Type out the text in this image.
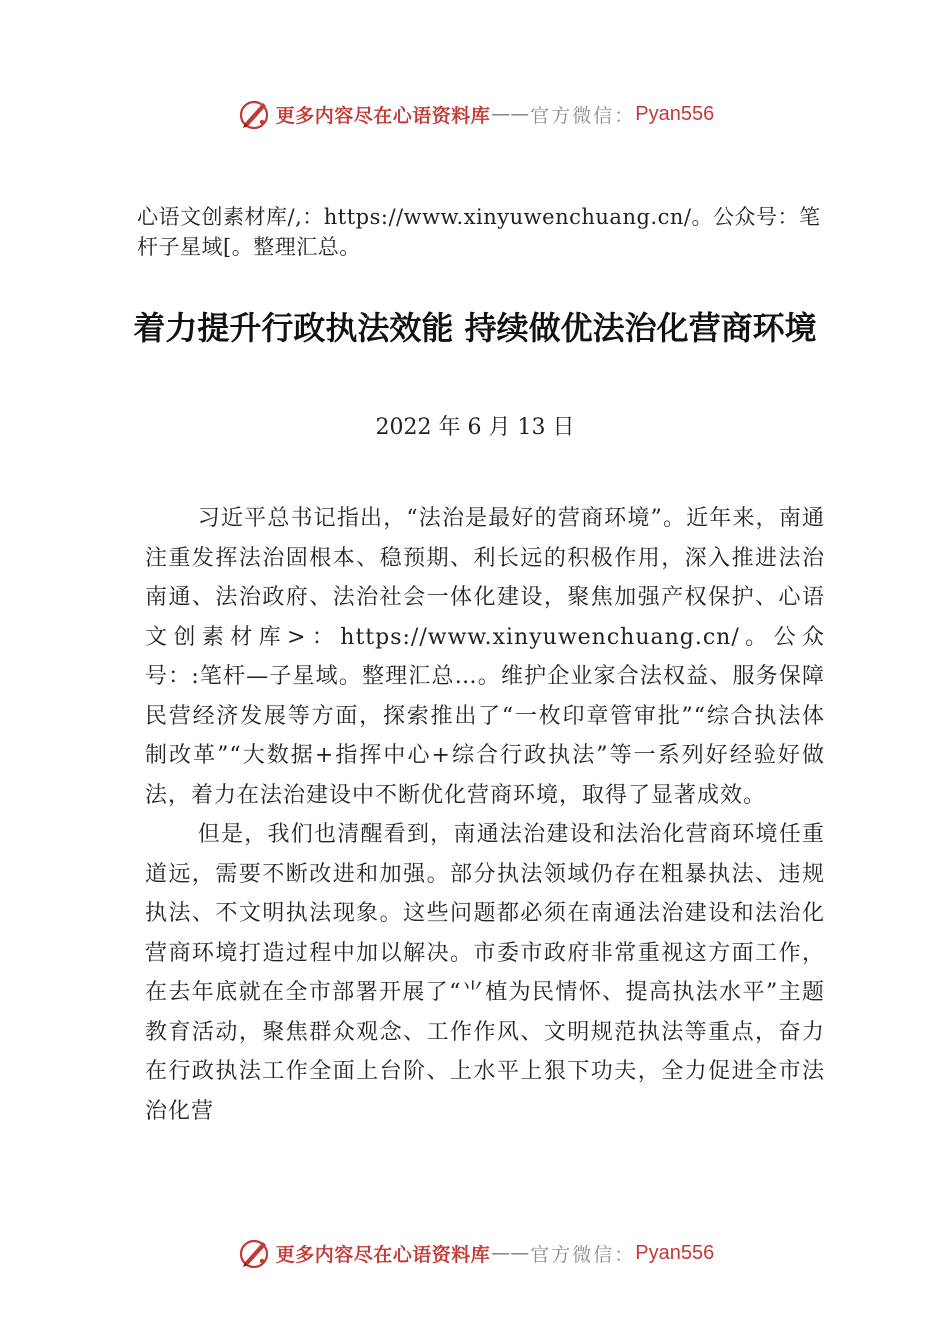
更多内容尽在心语资料库 —— 官方微信： Pyan556
心语文创素材库/,：https://www.xinyuwenchuang.cn/。公众号：笔杆子星域[。整理汇总。
着力提升行政执法效能 持续做优法治化营商环境
2022 年 6 月 13 日

习近平总书记指出，“法治是最好的营商环境”。近年来，南通注重发挥法治固根本、稳预期、利长远的积极作用，深入推进法治南通、法治政府、法治社会一体化建设，聚焦加强产权保护、心语文创素材库>：https://www.xinyuwenchuang.cn/。公众号：:笔杆—子星域。整理汇总…。维护企业家合法权益、服务保障民营经济发展等方面，探索推出了“一枚印章管审批”“综合执法体制改革”“大数据+指挥中心+综合行政执法”等一系列好经验好做法，着力在法治建设中不断优化营商环境，取得了显著成效。

但是，我们也清醒看到，南通法治建设和法治化营商环境任重道远，需要不断改进和加强。部分执法领域仍存在粗暴执法、违规执法、不文明执法现象。这些问题都必须在南通法治建设和法治化营商环境打造过程中加以解决。市委市政府非常重视这方面工作，在去年底就在全市部署开展了“⺌植为民情怀、提高执法水平”主题教育活动，聚焦群众观念、工作作风、文明规范执法等重点，奋力在行政执法工作全面上台阶、上水平上狠下功夫，全力促进全市法治化营

更多内容尽在心语资料库 —— 官方微信： Pyan556
